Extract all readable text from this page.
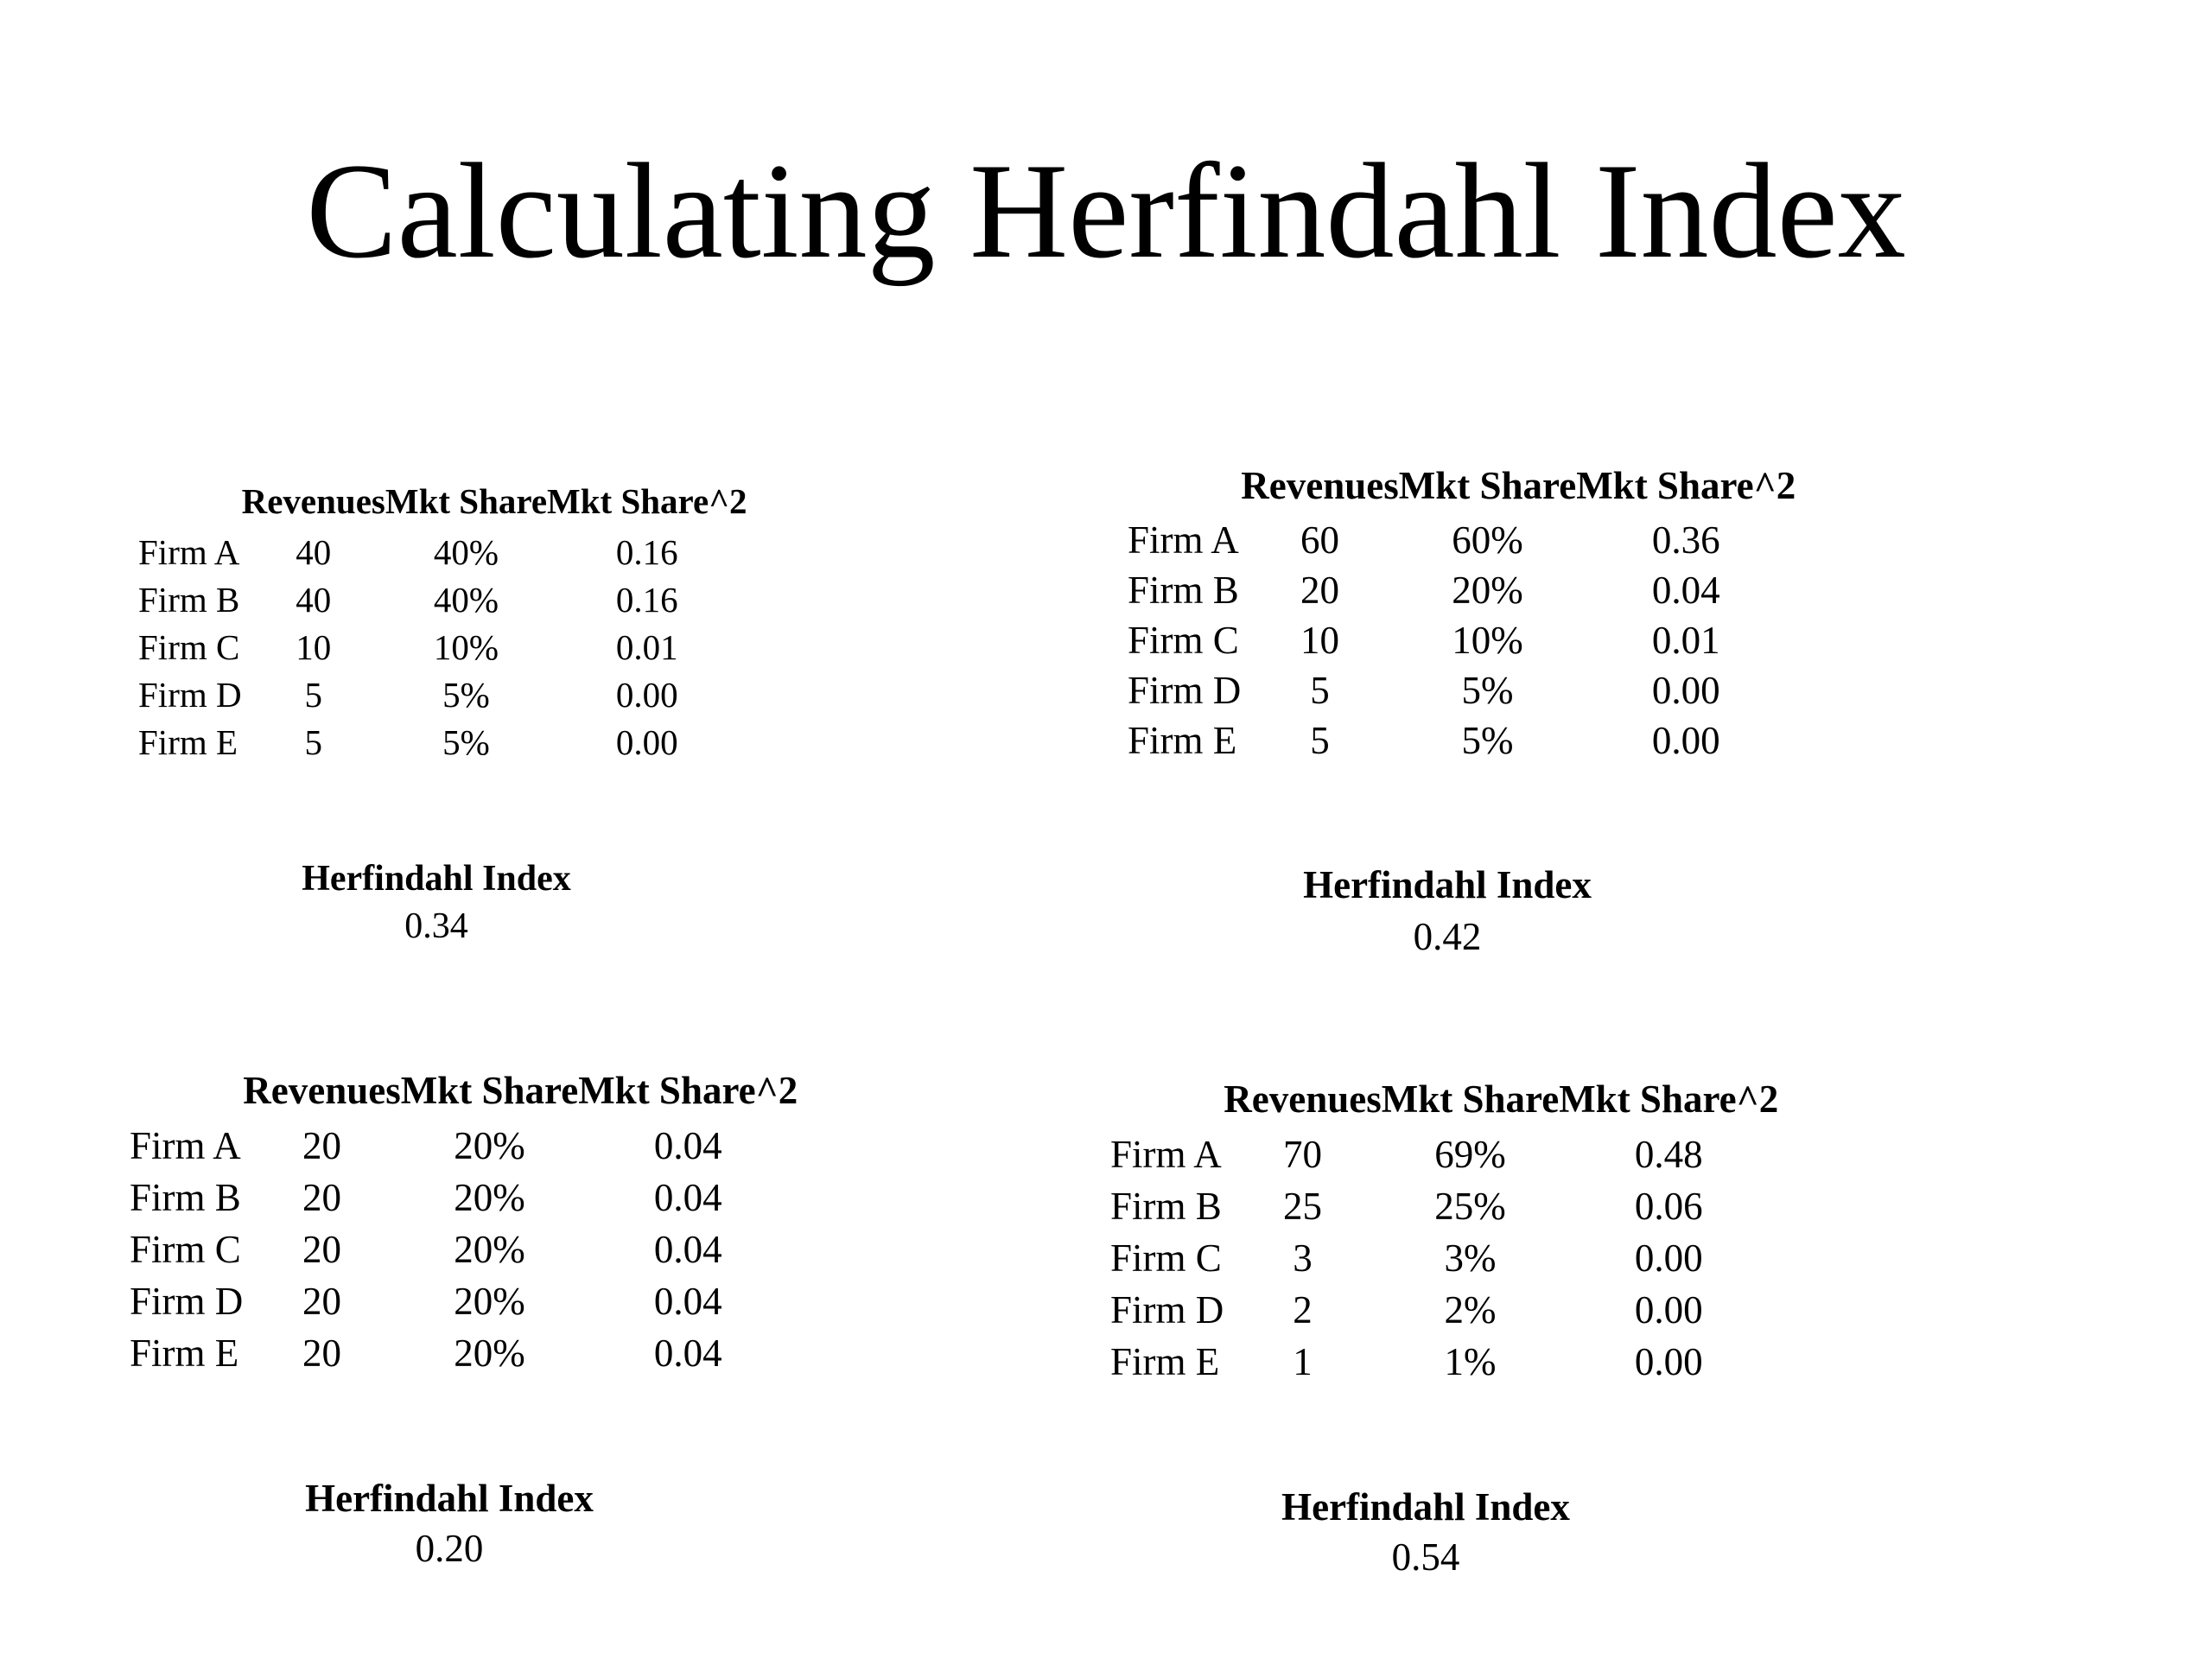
Calculating Herfindahl Index
	Revenues	Mkt Share	Mkt Share^2
Firm A	40	40%	0.16
Firm B	40	40%	0.16
Firm C	10	10%	0.01
Firm D	5	5%	0.00
Firm E	5	5%	0.00
Herfindahl Index
0.34
	Revenues	Mkt Share	Mkt Share^2
Firm A	60	60%	0.36
Firm B	20	20%	0.04
Firm C	10	10%	0.01
Firm D	5	5%	0.00
Firm E	5	5%	0.00
Herfindahl Index
0.42
	Revenues	Mkt Share	Mkt Share^2
Firm A	20	20%	0.04
Firm B	20	20%	0.04
Firm C	20	20%	0.04
Firm D	20	20%	0.04
Firm E	20	20%	0.04
Herfindahl Index
0.20
	Revenues	Mkt Share	Mkt Share^2
Firm A	70	69%	0.48
Firm B	25	25%	0.06
Firm C	3	3%	0.00
Firm D	2	2%	0.00
Firm E	1	1%	0.00
Herfindahl Index
0.54
